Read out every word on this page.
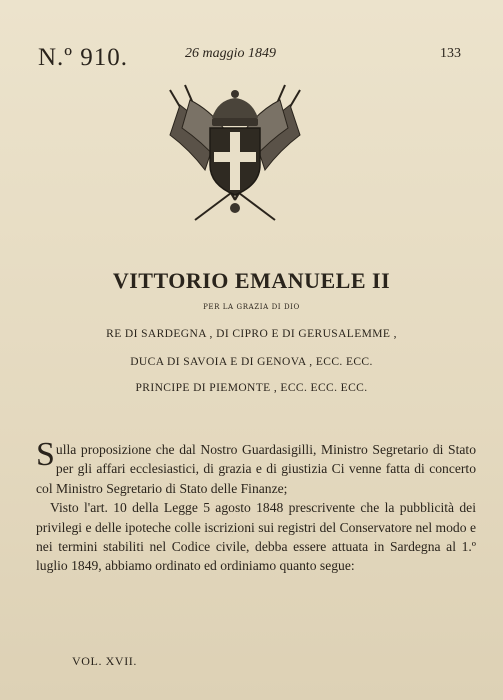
N.º 910.	26 maggio 1849	133
VITTORIO EMANUELE II
PER LA GRAZIA DI DIO
RE DI SARDEGNA , DI CIPRO E DI GERUSALEMME ,
DUCA DI SAVOIA E DI GENOVA , ECC. ECC.
PRINCIPE DI PIEMONTE , ECC. ECC. ECC.

Sulla proposizione che dal Nostro Guardasigilli, Ministro Segretario di Stato per gli affari ecclesiastici, di grazia e di giustizia Ci venne fatta di concerto col Ministro Segretario di Stato delle Finanze;

Visto l'art. 10 della Legge 5 agosto 1848 prescrivente che la pubblicità dei privilegi e delle ipoteche colle iscrizioni sui registri del Conservatore nel modo e nei termini stabiliti nel Codice civile, debba essere attuata in Sardegna al 1.º luglio 1849, abbiamo ordinato ed ordiniamo quanto segue:

VOL. XVII.
